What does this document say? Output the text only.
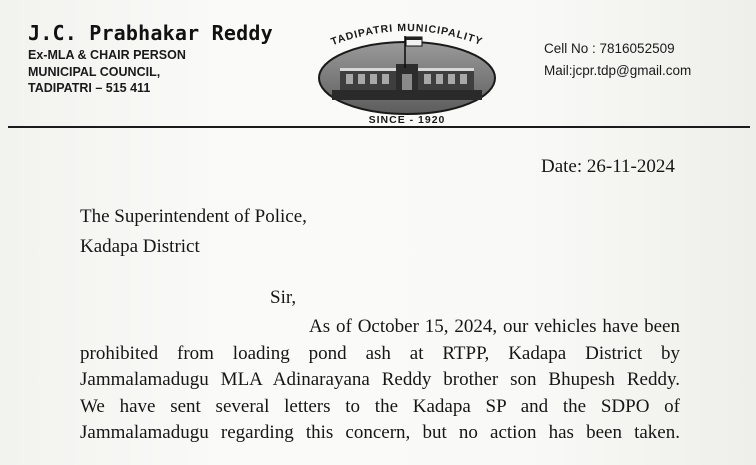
J.C. Prabhakar Reddy
Ex-MLA & CHAIR PERSON
MUNICIPAL COUNCIL,
TADIPATRI – 515 411
TADIPATRI MUNICIPALITY
SINCE - 1920
Cell No : 7816052509
Mail:jcpr.tdp@gmail.com
Date: 26-11-2024
The Superintendent of Police,
Kadapa District
Sir,
As of October 15, 2024, our vehicles have been
prohibited from loading pond ash at RTPP, Kadapa District by
Jammalamadugu MLA Adinarayana Reddy brother son Bhupesh Reddy.
We have sent several letters to the Kadapa SP and the SDPO of
Jammalamadugu regarding this concern, but no action has been taken.
